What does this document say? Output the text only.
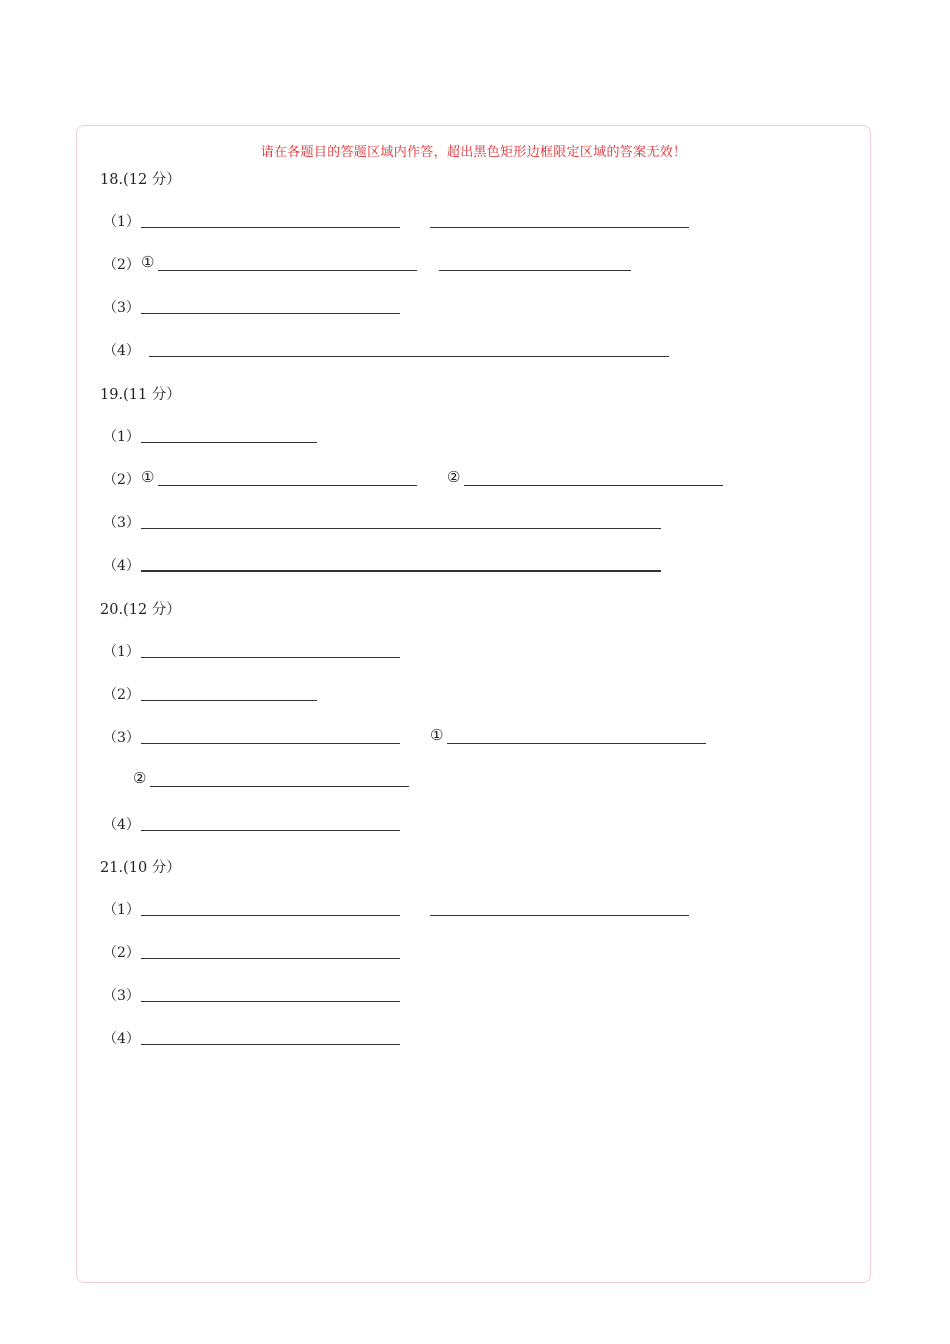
请在各题目的答题区域内作答，超出黑色矩形边框限定区域的答案无效！
18.(12 分）
（1）
（2） ①
（3）
（4）
19.(11 分）
（1）
（2） ①	②
（3）
（4）
20.(12 分）
（1）
（2）
（3）	①
②
（4）
21.(10 分）
（1）
（2）
（3）
（4）
